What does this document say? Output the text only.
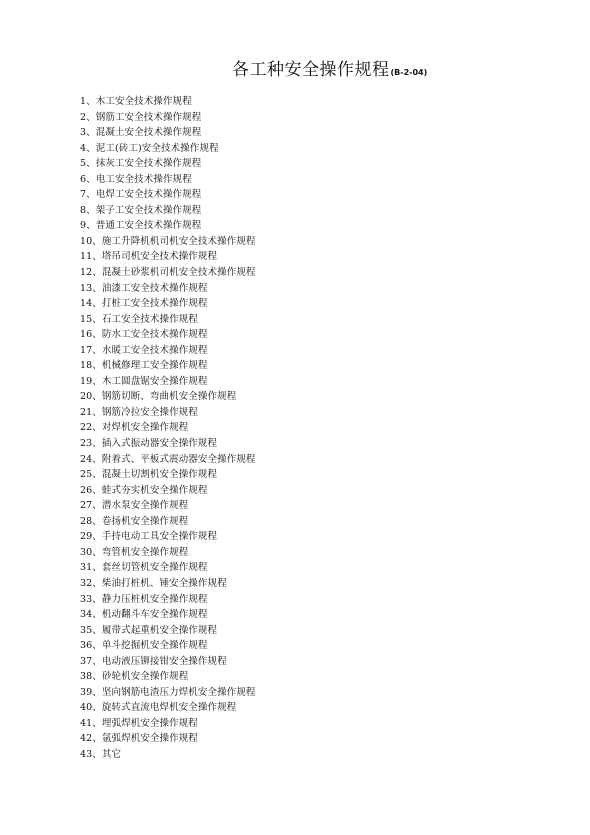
各工种安全操作规程(B-2-04)
1、木工安全技术操作规程
2、钢筋工安全技术操作规程
3、混凝土安全技术操作规程
4、泥工(砖工)安全技术操作规程
5、抹灰工安全技术操作规程
6、电工安全技术操作规程
7、电焊工安全技术操作规程
8、架子工安全技术操作规程
9、普通工安全技术操作规程
10、施工升降机机司机安全技术操作规程
11、塔吊司机安全技术操作规程
12、混凝土砂浆机司机安全技术操作规程
13、油漆工安全技术操作规程
14、打桩工安全技术操作规程
15、石工安全技术操作规程
16、防水工安全技术操作规程
17、水暖工安全技术操作规程
18、机械修理工安全操作规程
19、木工圆盘锯安全操作规程
20、钢筋切断、弯曲机安全操作规程
21、钢筋冷拉安全操作规程
22、对焊机安全操作规程
23、插入式振动器安全操作规程
24、附着式、平板式震动器安全操作规程
25、混凝土切割机安全操作规程
26、蛙式夯实机安全操作规程
27、潜水泵安全操作规程
28、卷扬机安全操作规程
29、手持电动工具安全操作规程
30、弯管机安全操作规程
31、套丝切管机安全操作规程
32、柴油打桩机、锤安全操作规程
33、静力压桩机安全操作规程
34、机动翻斗车安全操作规程
35、履带式起重机安全操作规程
36、单斗挖掘机安全操作规程
37、电动液压铆接钳安全操作规程
38、砂轮机安全操作规程
39、坚向钢筋电渣压力焊机安全操作规程
40、旋转式直流电焊机安全操作规程
41、埋弧焊机安全操作规程
42、氩弧焊机安全操作规程
43、其它
